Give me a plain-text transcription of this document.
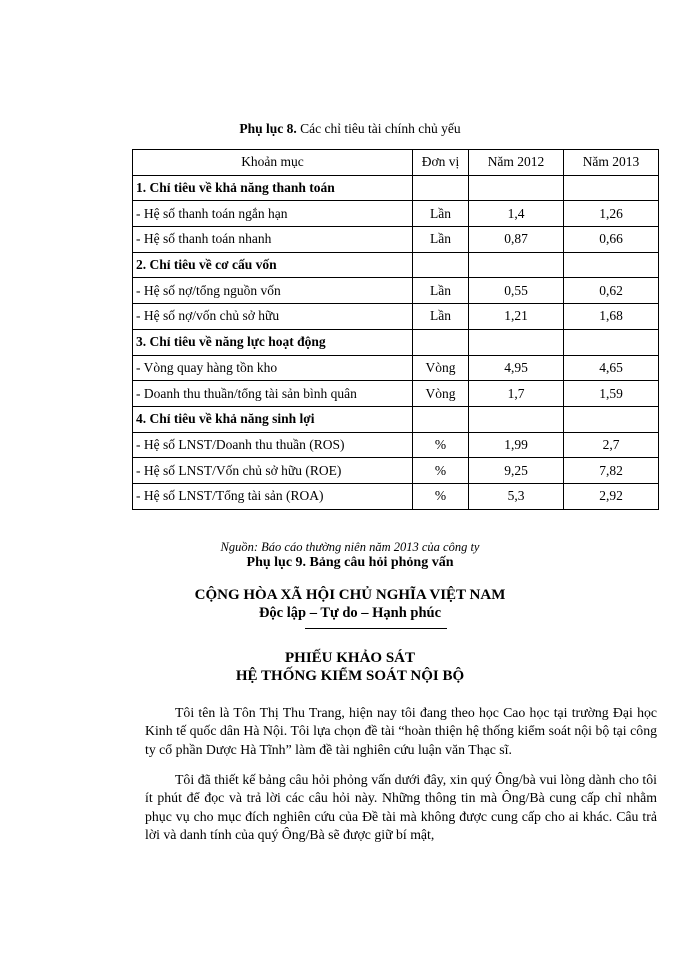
Phụ lục 8. Các chỉ tiêu tài chính chủ yếu
Khoản mục	Đơn vị	Năm 2012	Năm 2013
1. Chỉ tiêu về khả năng thanh toán			
- Hệ số thanh toán ngắn hạn	Lần	1,4	1,26
- Hệ số thanh toán nhanh	Lần	0,87	0,66
2. Chỉ tiêu về cơ cấu vốn			
- Hệ số nợ/tổng nguồn vốn	Lần	0,55	0,62
- Hệ số nợ/vốn chủ sở hữu	Lần	1,21	1,68
3. Chỉ tiêu về năng lực hoạt động			
- Vòng quay hàng tồn kho	Vòng	4,95	4,65
- Doanh thu thuần/tổng tài sản bình quân	Vòng	1,7	1,59
4. Chỉ tiêu về khả năng sinh lợi			
- Hệ số LNST/Doanh thu thuần (ROS)	%	1,99	2,7
- Hệ số LNST/Vốn chủ sở hữu (ROE)	%	9,25	7,82
- Hệ số LNST/Tổng tài sản (ROA)	%	5,3	2,92
Nguồn: Báo cáo thường niên năm 2013 của công ty
Phụ lục 9. Bảng câu hỏi phỏng vấn
CỘNG HÒA XÃ HỘI CHỦ NGHĨA VIỆT NAM
Độc lập – Tự do – Hạnh phúc
PHIẾU KHẢO SÁT
HỆ THỐNG KIỂM SOÁT NỘI BỘ

Tôi tên là Tôn Thị Thu Trang, hiện nay tôi đang theo học Cao học tại trường Đại học Kinh tế quốc dân Hà Nội. Tôi lựa chọn đề tài “hoàn thiện hệ thống kiểm soát nội bộ tại công ty cổ phần Dược Hà Tĩnh” làm đề tài nghiên cứu luận văn Thạc sĩ.

Tôi đã thiết kế bảng câu hỏi phỏng vấn dưới đây, xin quý Ông/bà vui lòng dành cho tôi ít phút để đọc và trả lời các câu hỏi này. Những thông tin mà Ông/Bà cung cấp chỉ nhằm phục vụ cho mục đích nghiên cứu của Đề tài mà không được cung cấp cho ai khác. Câu trả lời và danh tính của quý Ông/Bà sẽ được giữ bí mật,
